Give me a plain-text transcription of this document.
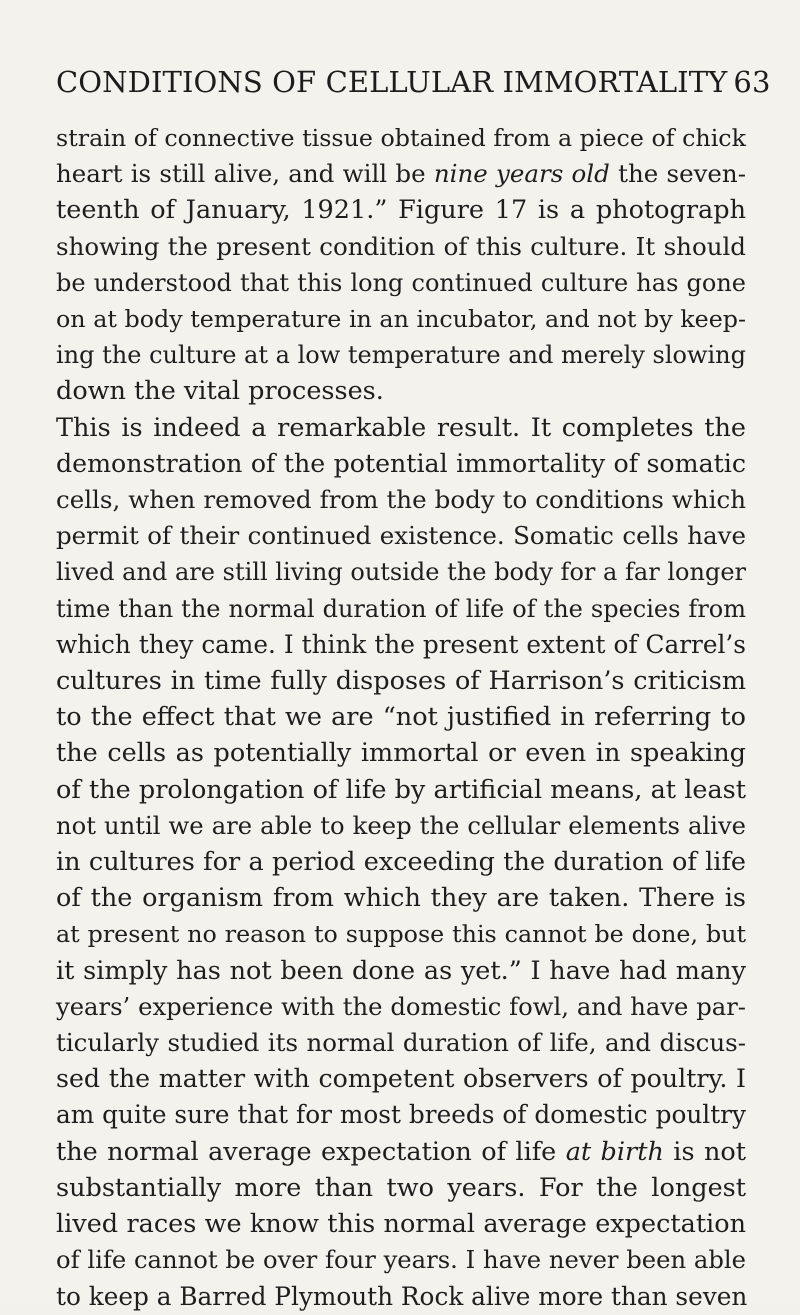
CONDITIONS OF CELLULAR IMMORTALITY 63
strain of connective tissue obtained from a piece of chick
heart is still alive, and will be nine years old the seven-
teenth of January, 1921.” Figure 17 is a photograph
showing the present condition of this culture. It should
be understood that this long continued culture has gone
on at body temperature in an incubator, and not by keep-
ing the culture at a low temperature and merely slowing
down the vital processes.
This is indeed a remarkable result. It completes the
demonstration of the potential immortality of somatic
cells, when removed from the body to conditions which
permit of their continued existence. Somatic cells have
lived and are still living outside the body for a far longer
time than the normal duration of life of the species from
which they came. I think the present extent of Carrel’s
cultures in time fully disposes of Harrison’s criticism
to the effect that we are “not justified in referring to
the cells as potentially immortal or even in speaking
of the prolongation of life by artificial means, at least
not until we are able to keep the cellular elements alive
in cultures for a period exceeding the duration of life
of the organism from which they are taken. There is
at present no reason to suppose this cannot be done, but
it simply has not been done as yet.” I have had many
years’ experience with the domestic fowl, and have par-
ticularly studied its normal duration of life, and discus-
sed the matter with competent observers of poultry. I
am quite sure that for most breeds of domestic poultry
the normal average expectation of life at birth is not
substantially more than two years. For the longest
lived races we know this normal average expectation
of life cannot be over four years. I have never been able
to keep a Barred Plymouth Rock alive more than seven
